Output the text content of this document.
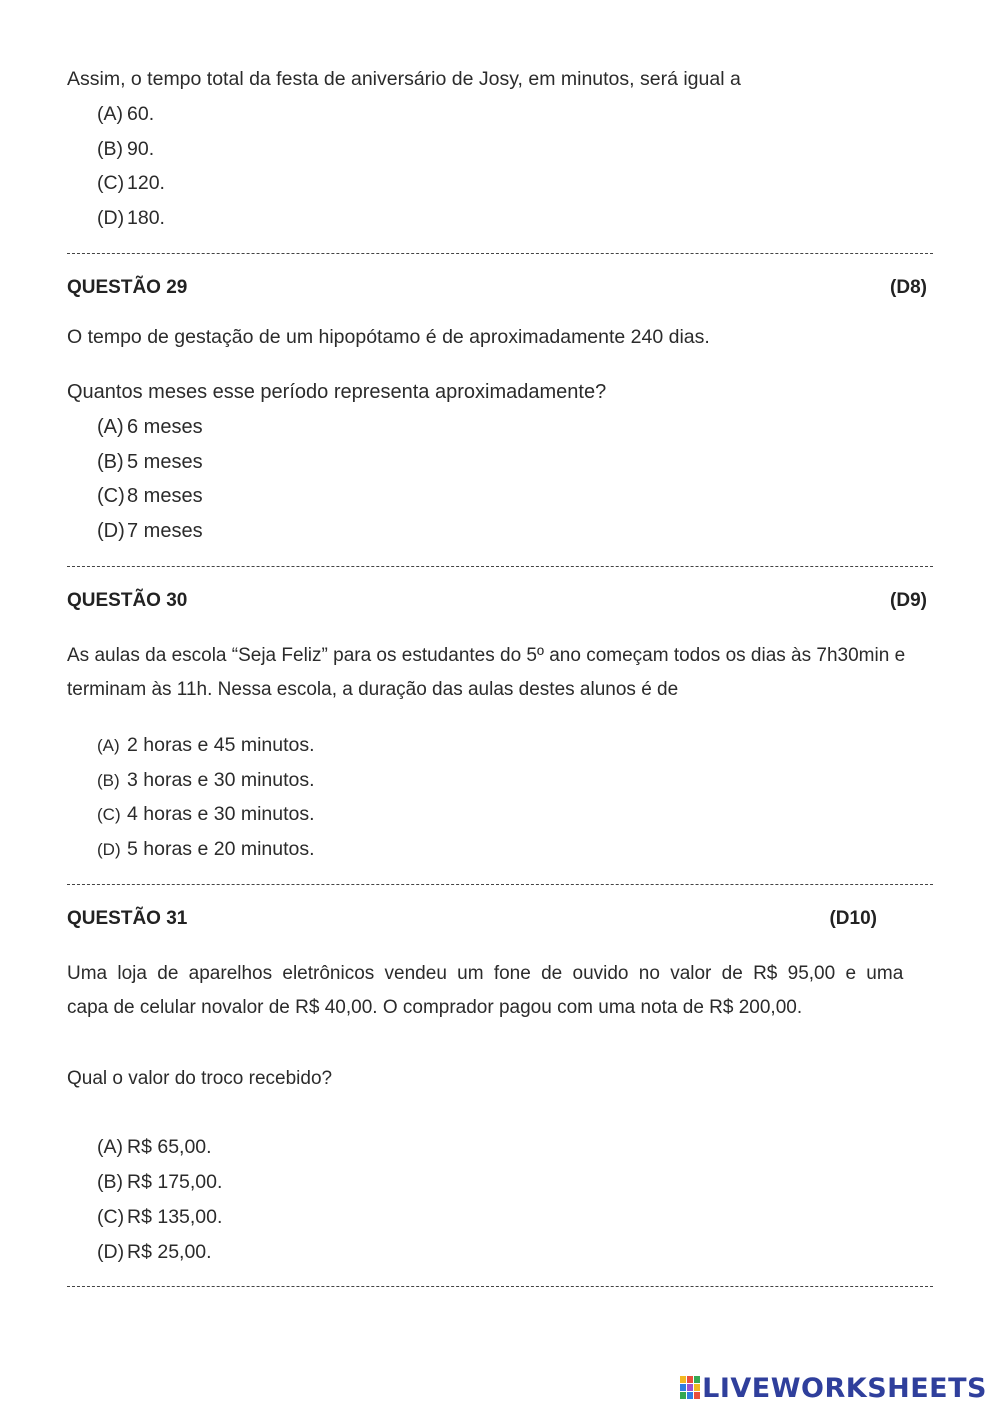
Assim, o tempo total da festa de aniversário de Josy, em minutos, será igual a
(A) 60.
(B) 90.
(C) 120.
(D) 180.
QUESTÃO 29	(D8)
O tempo de gestação de um hipopótamo é de aproximadamente 240 dias.
Quantos meses esse período representa aproximadamente?
(A) 6 meses
(B) 5 meses
(C) 8 meses
(D) 7 meses
QUESTÃO 30	(D9)
As aulas da escola “Seja Feliz” para os estudantes do 5º ano começam todos os dias às 7h30min e
terminam às 11h. Nessa escola, a duração das aulas destes alunos é de
(A) 2 horas e 45 minutos.
(B) 3 horas e 30 minutos.
(C) 4 horas e 30 minutos.
(D) 5 horas e 20 minutos.
QUESTÃO 31	(D10)
Uma loja de aparelhos eletrônicos vendeu um fone de ouvido no valor de R$ 95,00 e uma
capa de celular novalor de R$ 40,00. O comprador pagou com uma nota de R$ 200,00.
Qual o valor do troco recebido?
(A) R$ 65,00.
(B) R$ 175,00.
(C) R$ 135,00.
(D) R$ 25,00.
LIVEWORKSHEETS
